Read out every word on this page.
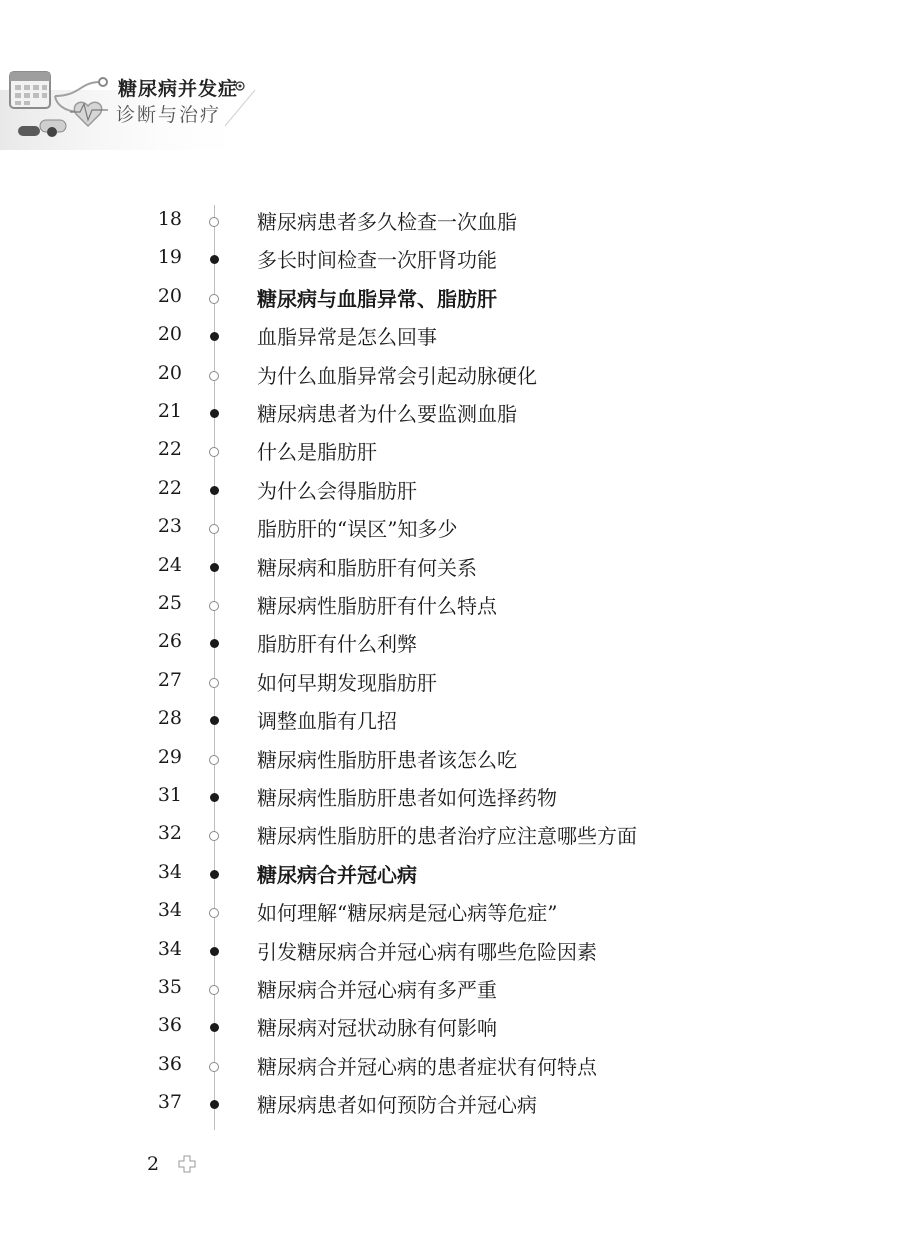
糖尿病并发症
诊断与治疗
18	糖尿病患者多久检查一次血脂
19	多长时间检查一次肝肾功能
20	糖尿病与血脂异常、脂肪肝
20	血脂异常是怎么回事
20	为什么血脂异常会引起动脉硬化
21	糖尿病患者为什么要监测血脂
22	什么是脂肪肝
22	为什么会得脂肪肝
23	脂肪肝的“误区”知多少
24	糖尿病和脂肪肝有何关系
25	糖尿病性脂肪肝有什么特点
26	脂肪肝有什么利弊
27	如何早期发现脂肪肝
28	调整血脂有几招
29	糖尿病性脂肪肝患者该怎么吃
31	糖尿病性脂肪肝患者如何选择药物
32	糖尿病性脂肪肝的患者治疗应注意哪些方面
34	糖尿病合并冠心病
34	如何理解“糖尿病是冠心病等危症”
34	引发糖尿病合并冠心病有哪些危险因素
35	糖尿病合并冠心病有多严重
36	糖尿病对冠状动脉有何影响
36	糖尿病合并冠心病的患者症状有何特点
37	糖尿病患者如何预防合并冠心病
2
